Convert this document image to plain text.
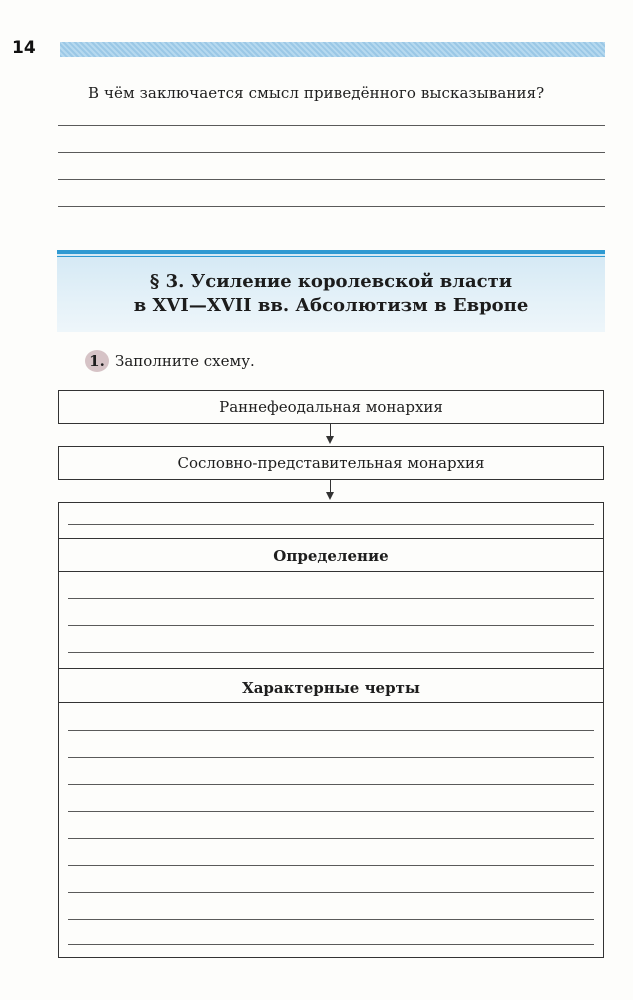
14
В чём заключается смысл приведённого высказывания?
§ 3. Усиление королевской власти
в XVI—XVII вв. Абсолютизм в Европе
1. Заполните схему.
Раннефеодальная монархия
Сословно-представительная монархия
Определение
Характерные черты
